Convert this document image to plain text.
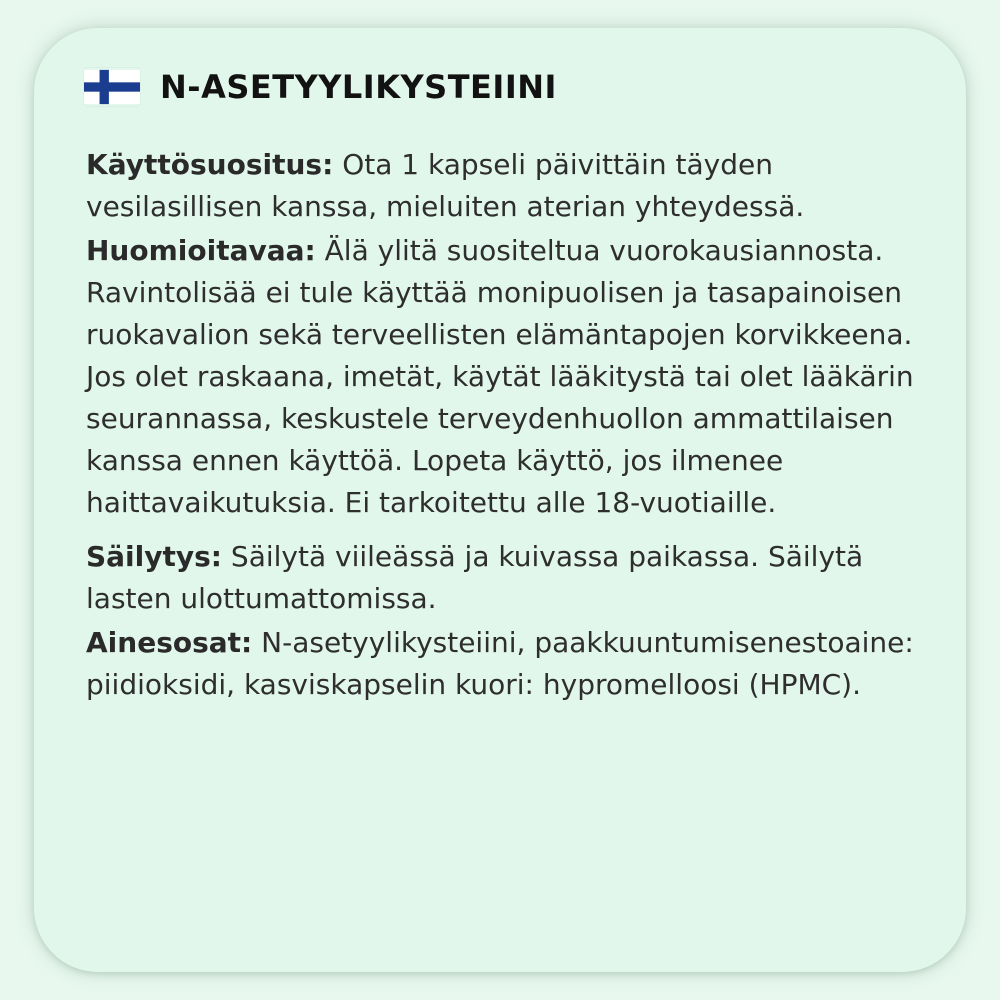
N-ASETYYLIKYSTEIINI

Käyttösuositus: Ota 1 kapseli päivittäin täyden vesilasillisen kanssa, mieluiten aterian yhteydessä.

Huomioitavaa: Älä ylitä suositeltua vuorokausiannosta. Ravintolisää ei tule käyttää monipuolisen ja tasapainoisen ruokavalion sekä terveellisten elämäntapojen korvikkeena. Jos olet raskaana, imetät, käytät lääkitystä tai olet lääkärin seurannassa, keskustele terveydenhuollon ammattilaisen kanssa ennen käyttöä. Lopeta käyttö, jos ilmenee haittavaikutuksia. Ei tarkoitettu alle 18-vuotiaille.

Säilytys: Säilytä viileässä ja kuivassa paikassa. Säilytä lasten ulottumattomissa.

Ainesosat: N-asetyylikysteiini, paakkuuntumisenestoaine: piidioksidi, kasviskapselin kuori: hypromelloosi (HPMC).
